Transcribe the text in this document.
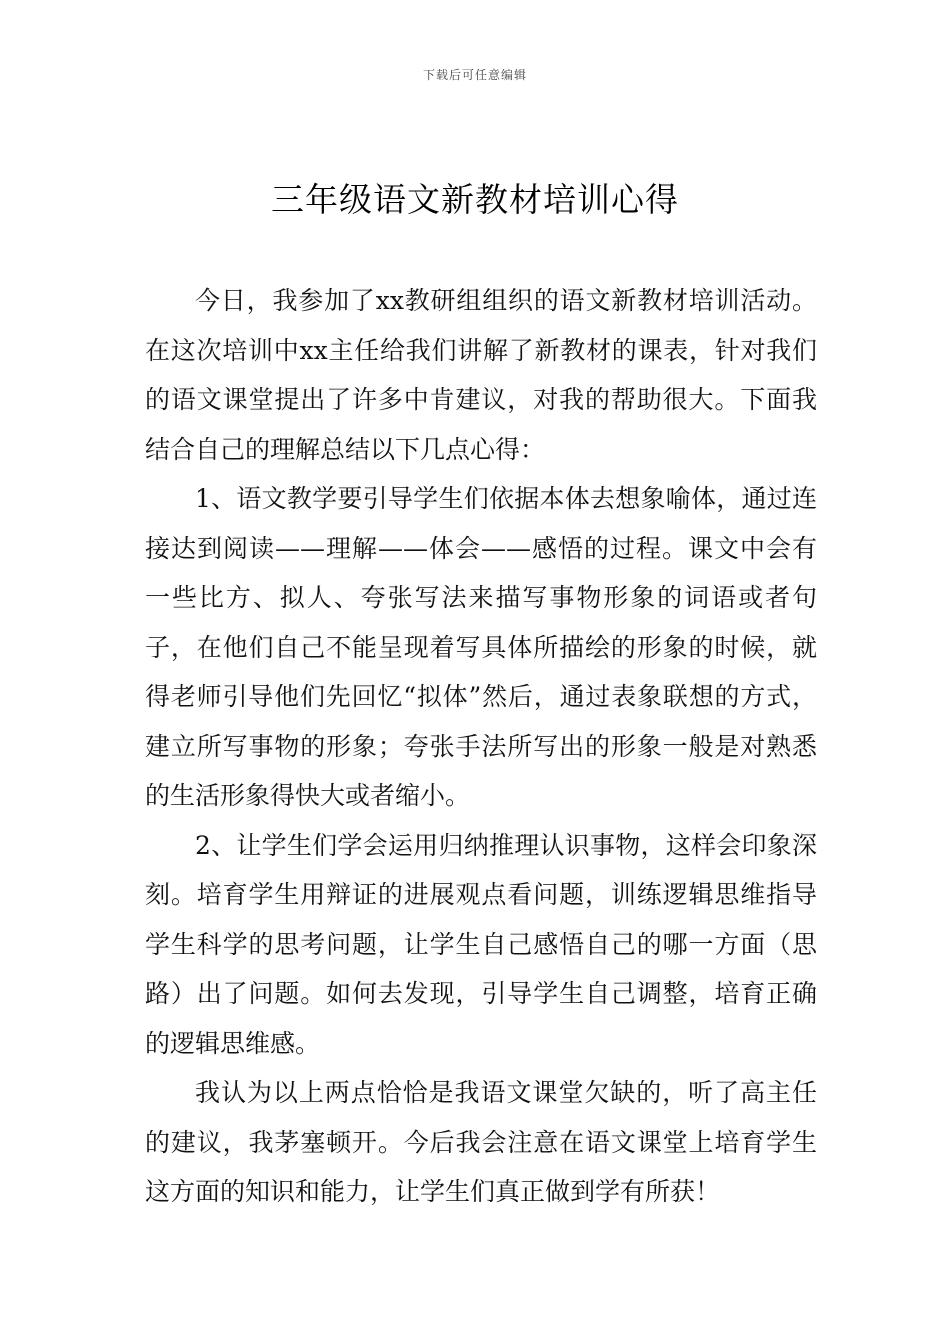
下载后可任意编辑
三年级语文新教材培训心得

今日，我参加了xx教研组组织的语文新教材培训活动。在这次培训中xx主任给我们讲解了新教材的课表，针对我们的语文课堂提出了许多中肯建议，对我的帮助很大。下面我结合自己的理解总结以下几点心得：

1、语文教学要引导学生们依据本体去想象喻体，通过连接达到阅读——理解——体会——感悟的过程。课文中会有一些比方、拟人、夸张写法来描写事物形象的词语或者句子，在他们自己不能呈现着写具体所描绘的形象的时候，就得老师引导他们先回忆“拟体”然后，通过表象联想的方式，建立所写事物的形象；夸张手法所写出的形象一般是对熟悉的生活形象得快大或者缩小。

2、让学生们学会运用归纳推理认识事物，这样会印象深刻。培育学生用辩证的进展观点看问题，训练逻辑思维指导学生科学的思考问题，让学生自己感悟自己的哪一方面（思路）出了问题。如何去发现，引导学生自己调整，培育正确的逻辑思维感。

我认为以上两点恰恰是我语文课堂欠缺的，听了高主任的建议，我茅塞顿开。今后我会注意在语文课堂上培育学生这方面的知识和能力，让学生们真正做到学有所获！
